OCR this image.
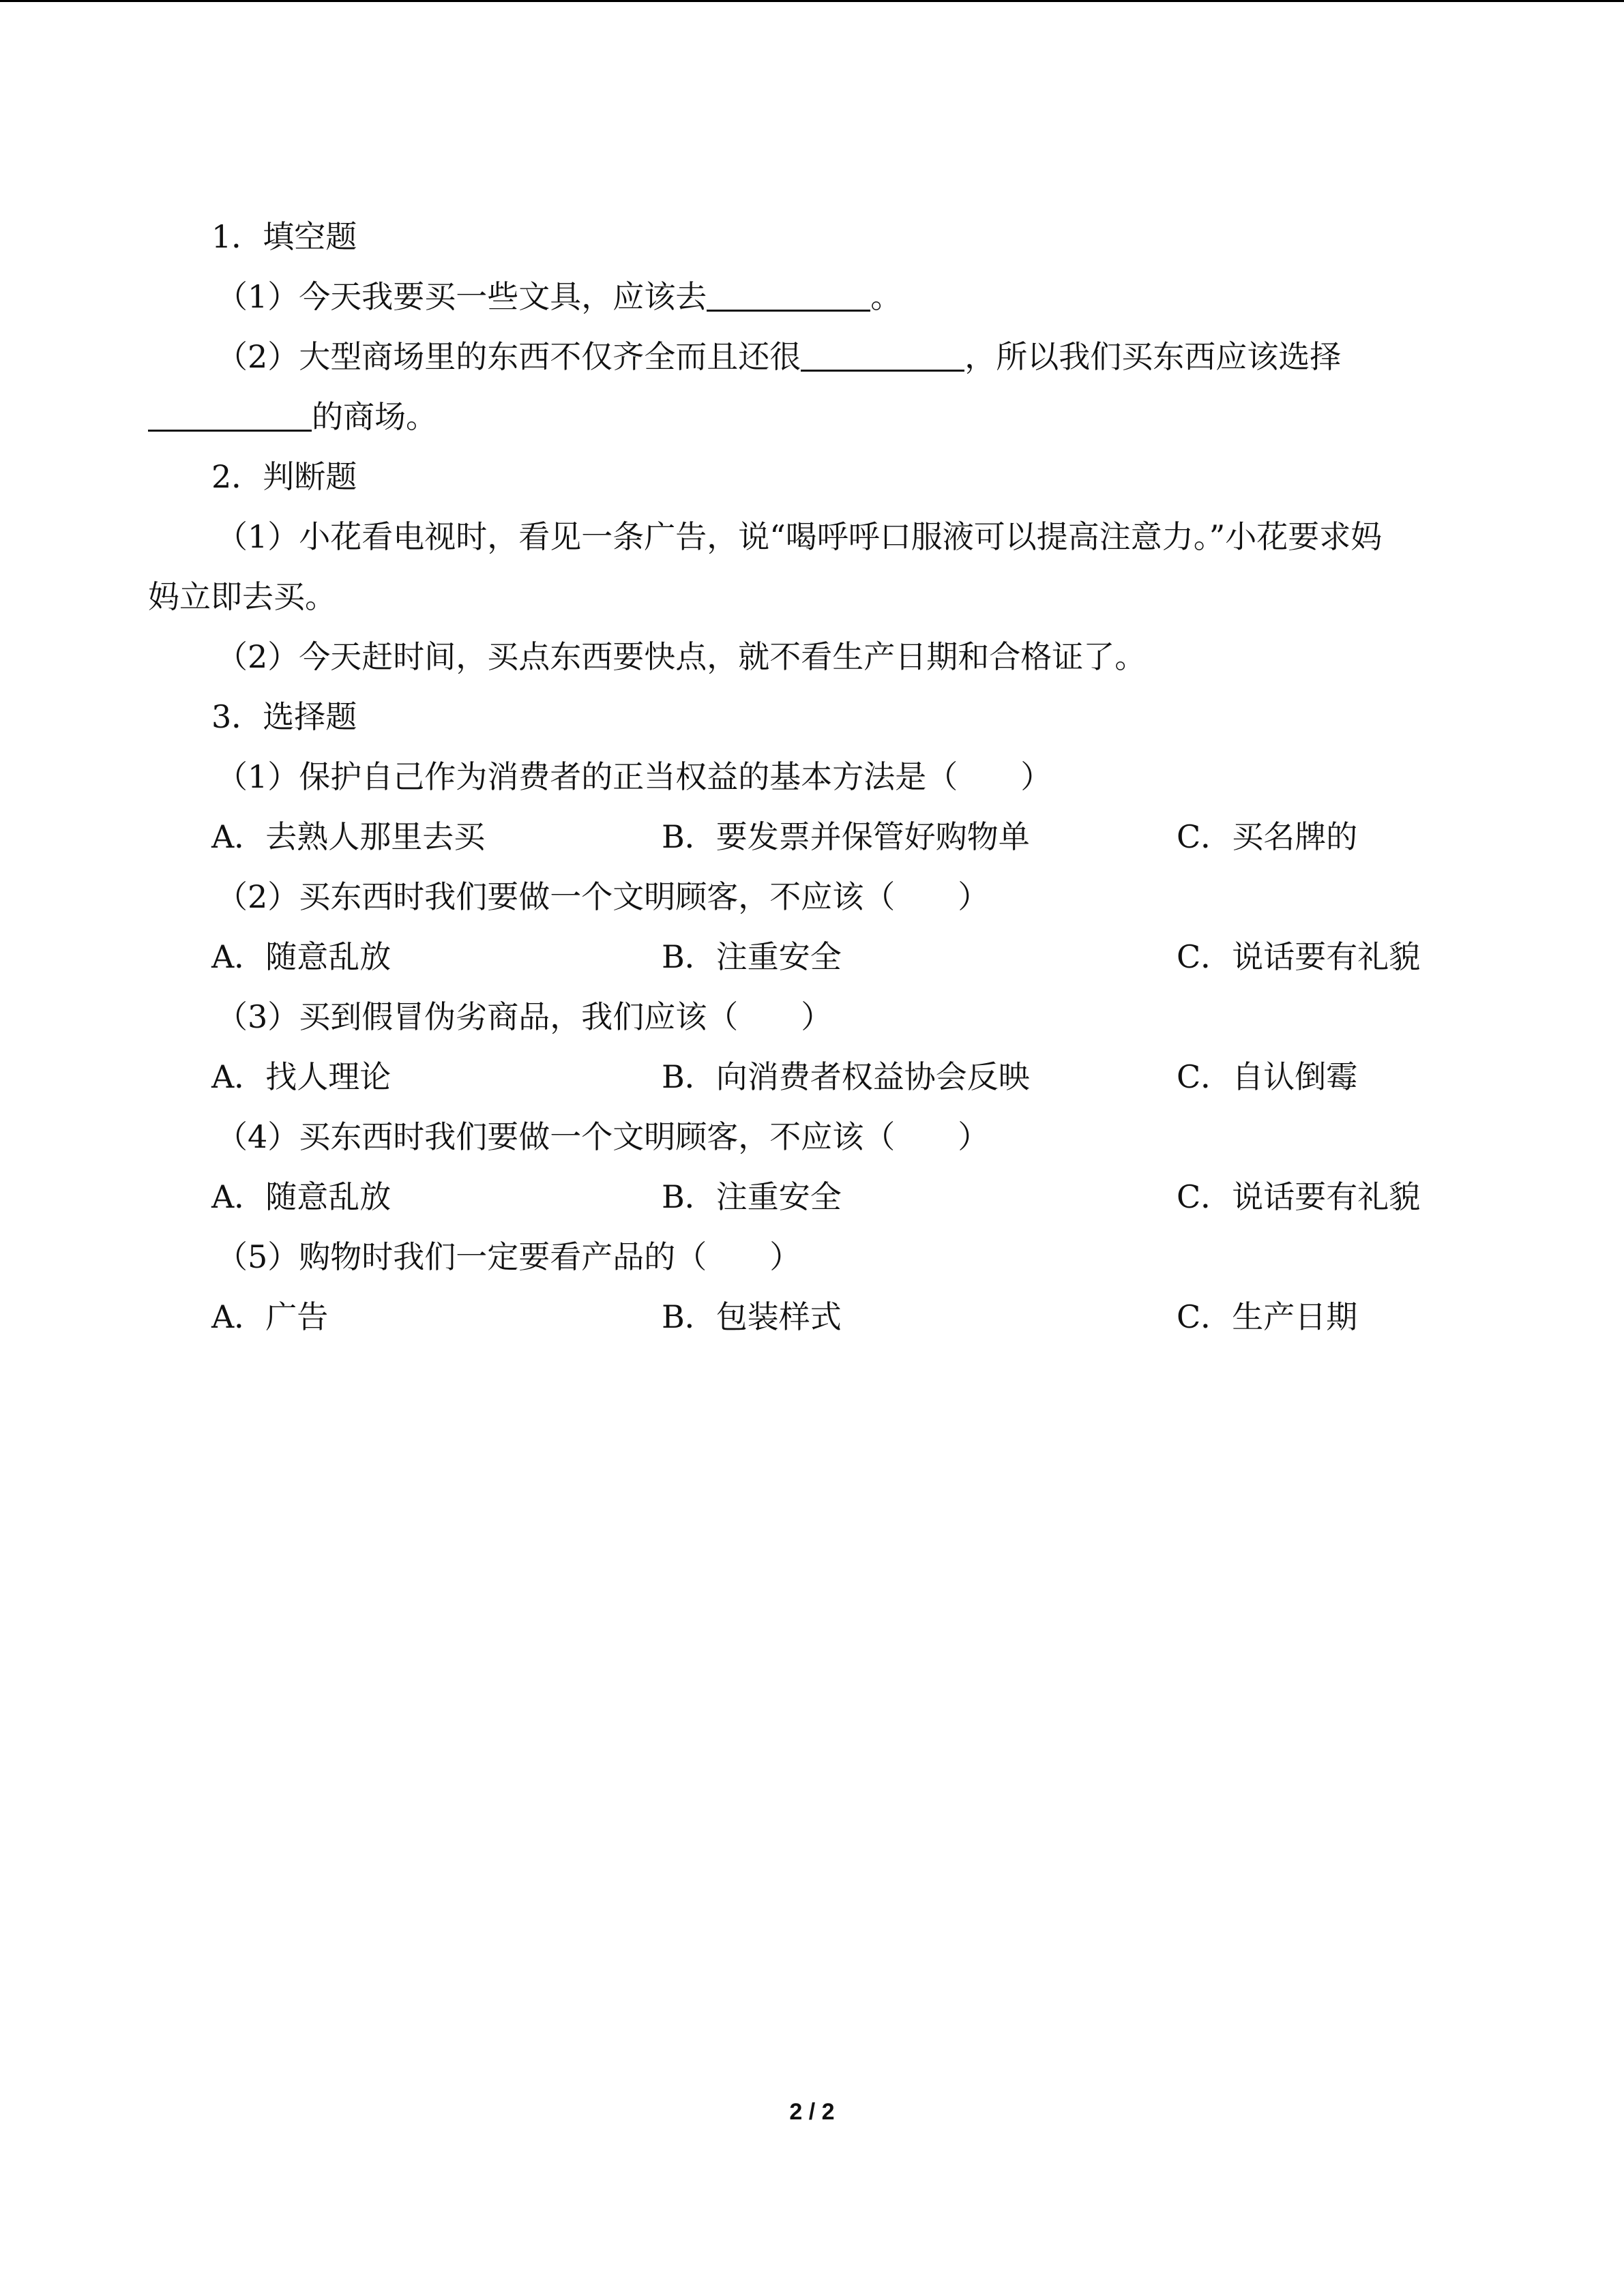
1．填空题
（1）今天我要买一些文具，应该去	。
（2）大型商场里的东西不仅齐全而且还很	，所以我们买东西应该选择
的商场。
2．判断题
（1）小花看电视时，看见一条广告，说“喝呼呼口服液可以提高注意力。”小花要求妈
妈立即去买。
（2）今天赶时间，买点东西要快点，就不看生产日期和合格证了。
3．选择题
（1）保护自己作为消费者的正当权益的基本方法是（　　）
A．去熟人那里去买	B．要发票并保管好购物单	C．买名牌的
（2）买东西时我们要做一个文明顾客，不应该（　　）
A．随意乱放	B．注重安全	C．说话要有礼貌
（3）买到假冒伪劣商品，我们应该（　　）
A．找人理论	B．向消费者权益协会反映	C．自认倒霉
（4）买东西时我们要做一个文明顾客，不应该（　　）
A．随意乱放	B．注重安全	C．说话要有礼貌
（5）购物时我们一定要看产品的（　　）
A．广告	B．包装样式	C．生产日期
2 / 2
